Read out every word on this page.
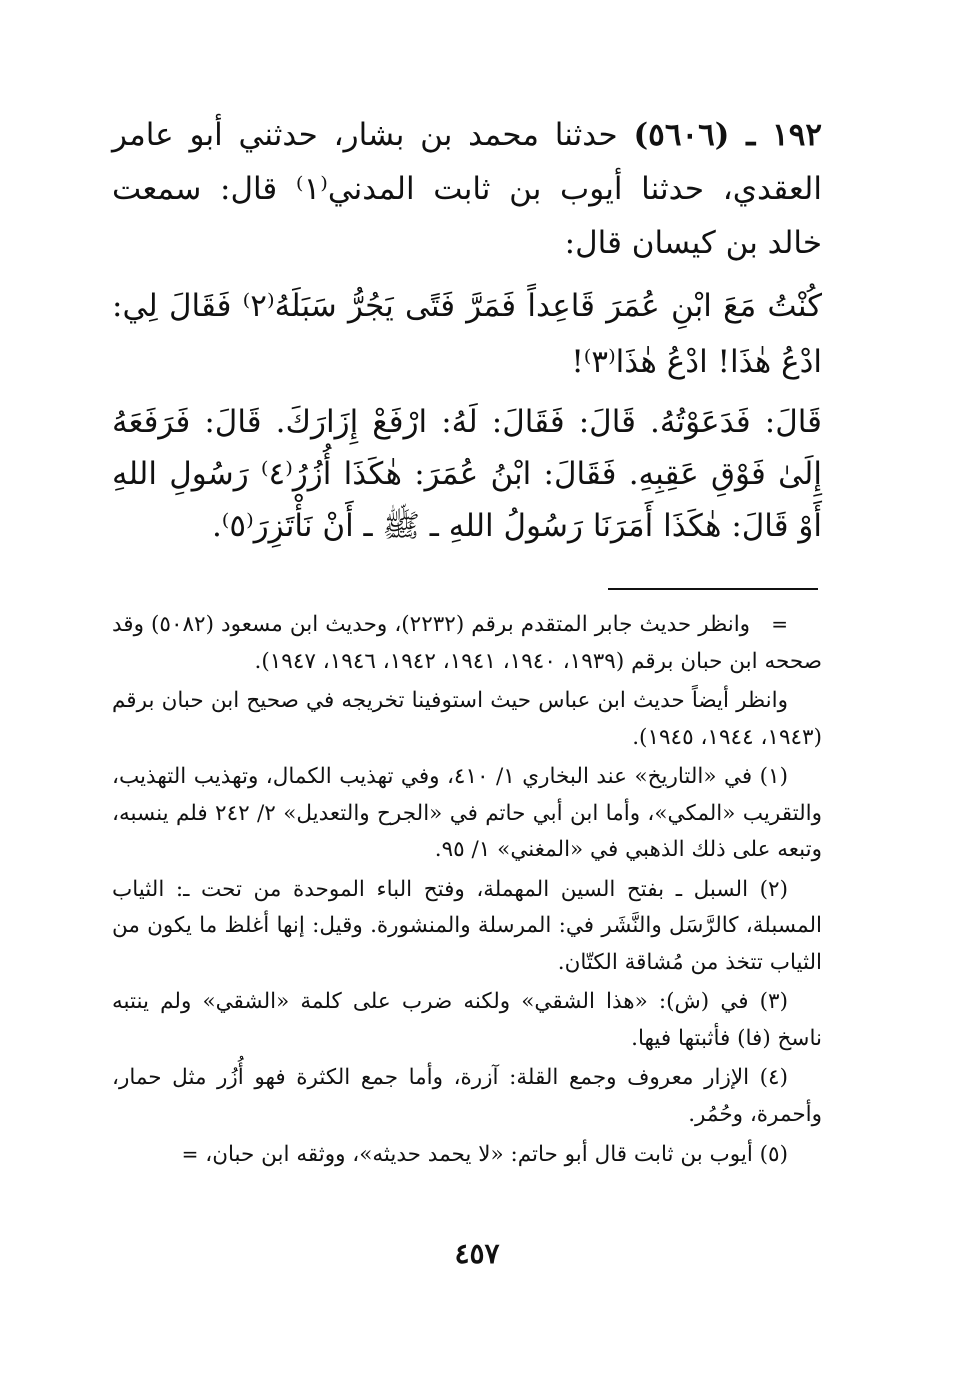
١٩٢ ـ (٥٦٠٦) حدثنا محمد بن بشار، حدثني أبو عامر العقدي، حدثنا أيوب بن ثابت المدني⁽١⁾ قال: سمعت خالد بن كيسان قال:

كُنْتُ مَعَ ابْنِ عُمَرَ قَاعِداً فَمَرَّ فَتًى يَجُرُّ سَبَلَهُ⁽٢⁾ فَقَالَ لِي: ادْعُ هٰذَا! ادْعُ هٰذَا⁽٣⁾!

قَالَ: فَدَعَوْتُهُ. قَالَ: فَقَالَ: لَهُ: ارْفَعْ إِزَارَكَ. قَالَ: فَرَفَعَهُ إِلَىٰ فَوْقِ عَقِبِهِ. فَقَالَ: ابْنُ عُمَرَ: هٰكَذَا أُزُرُ⁽٤⁾ رَسُولِ اللهِ أَوْ قَالَ: هٰكَذَا أَمَرَنَا رَسُولُ اللهِ ـ ﷺ ـ أَنْ نَأْتَزِرَ⁽٥⁾.

=   وانظر حديث جابر المتقدم برقم (٢٢٣٢)، وحديث ابن مسعود (٥٠٨٢) وقد صححه ابن حبان برقم (١٩٣٩، ١٩٤٠، ١٩٤١، ١٩٤٢، ١٩٤٦، ١٩٤٧).

وانظر أيضاً حديث ابن عباس حيث استوفينا تخريجه في صحيح ابن حبان برقم (١٩٤٣، ١٩٤٤، ١٩٤٥).

(١) في «التاريخ» عند البخاري ١/ ٤١٠، وفي تهذيب الكمال، وتهذيب التهذيب، والتقريب «المكي»، وأما ابن أبي حاتم في «الجرح والتعديل» ٢/ ٢٤٢ فلم ينسبه، وتبعه على ذلك الذهبي في «المغني» ١/ ٩٥.

(٢) السبل ـ بفتح السين المهملة، وفتح الباء الموحدة من تحت ـ: الثياب المسبلة، كالرَّسَل والنَّشَر في: المرسلة والمنشورة. وقيل: إنها أغلظ ما يكون من الثياب تتخذ من مُشاقة الكتّان.

(٣) في (ش): «هذا الشقي» ولكنه ضرب على كلمة «الشقي» ولم ينتبه ناسخ (فا) فأثبتها فيها.

(٤) الإزار معروف وجمع القلة: آزرة، وأما جمع الكثرة فهو أُزُر مثل حمار، وأحمرة، وحُمُر.

(٥) أيوب بن ثابت قال أبو حاتم: «لا يحمد حديثه»، ووثقه ابن حبان، =

٤٥٧
